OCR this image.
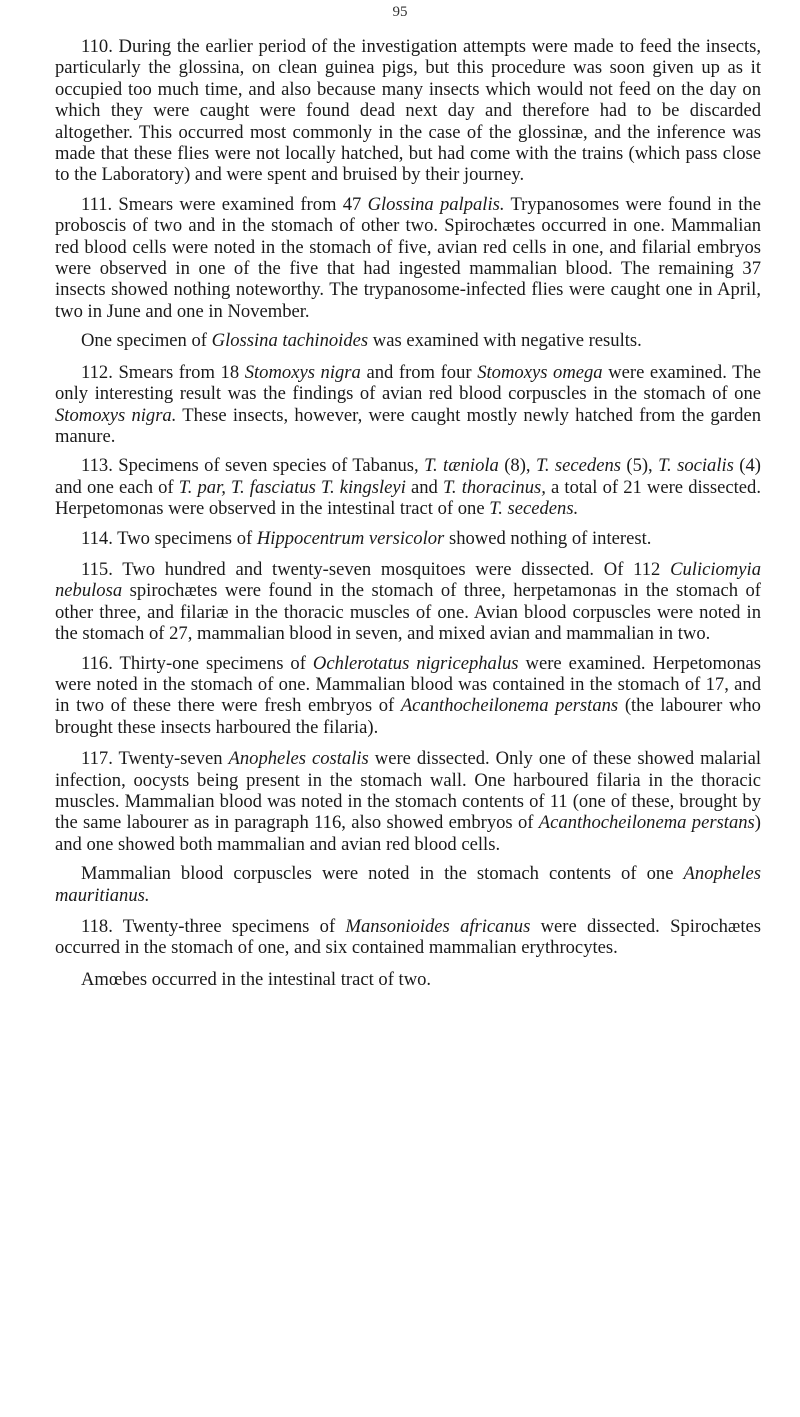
95

110. During the earlier period of the investigation attempts were made to feed the insects, particularly the glossina, on clean guinea pigs, but this procedure was soon given up as it occupied too much time, and also because many insects which would not feed on the day on which they were caught were found dead next day and therefore had to be discarded altogether. This occurred most commonly in the case of the glossinæ, and the inference was made that these flies were not locally hatched, but had come with the trains (which pass close to the Laboratory) and were spent and bruised by their journey.

111. Smears were examined from 47 Glossina palpalis. Trypanosomes were found in the proboscis of two and in the stomach of other two. Spirochætes occurred in one. Mammalian red blood cells were noted in the stomach of five, avian red cells in one, and filarial embryos were observed in one of the five that had ingested mammalian blood. The remaining 37 insects showed nothing noteworthy. The trypanosome-infected flies were caught one in April, two in June and one in November.

One specimen of Glossina tachinoides was examined with negative results.

112. Smears from 18 Stomoxys nigra and from four Stomoxys omega were examined. The only interesting result was the findings of avian red blood corpuscles in the stomach of one Stomoxys nigra. These insects, however, were caught mostly newly hatched from the garden manure.

113. Specimens of seven species of Tabanus, T. tæniola (8), T. secedens (5), T. socialis (4) and one each of T. par, T. fasciatus T. kingsleyi and T. thoracinus, a total of 21 were dissected. Herpetomonas were observed in the intestinal tract of one T. secedens.

114. Two specimens of Hippocentrum versicolor showed nothing of interest.

115. Two hundred and twenty-seven mosquitoes were dissected. Of 112 Culiciomyia nebulosa spirochætes were found in the stomach of three, herpetamonas in the stomach of other three, and filariæ in the thoracic muscles of one. Avian blood corpuscles were noted in the stomach of 27, mammalian blood in seven, and mixed avian and mammalian in two.

116. Thirty-one specimens of Ochlerotatus nigricephalus were examined. Herpetomonas were noted in the stomach of one. Mammalian blood was contained in the stomach of 17, and in two of these there were fresh embryos of Acanthocheilonema perstans (the labourer who brought these insects harboured the filaria).

117. Twenty-seven Anopheles costalis were dissected. Only one of these showed malarial infection, oocysts being present in the stomach wall. One harboured filaria in the thoracic muscles. Mammalian blood was noted in the stomach contents of 11 (one of these, brought by the same labourer as in paragraph 116, also showed embryos of Acanthocheilonema perstans) and one showed both mammalian and avian red blood cells.

Mammalian blood corpuscles were noted in the stomach contents of one Anopheles mauritianus.

118. Twenty-three specimens of Mansonioides africanus were dissected. Spirochætes occurred in the stomach of one, and six contained mammalian erythrocytes.

Amœbes occurred in the intestinal tract of two.
